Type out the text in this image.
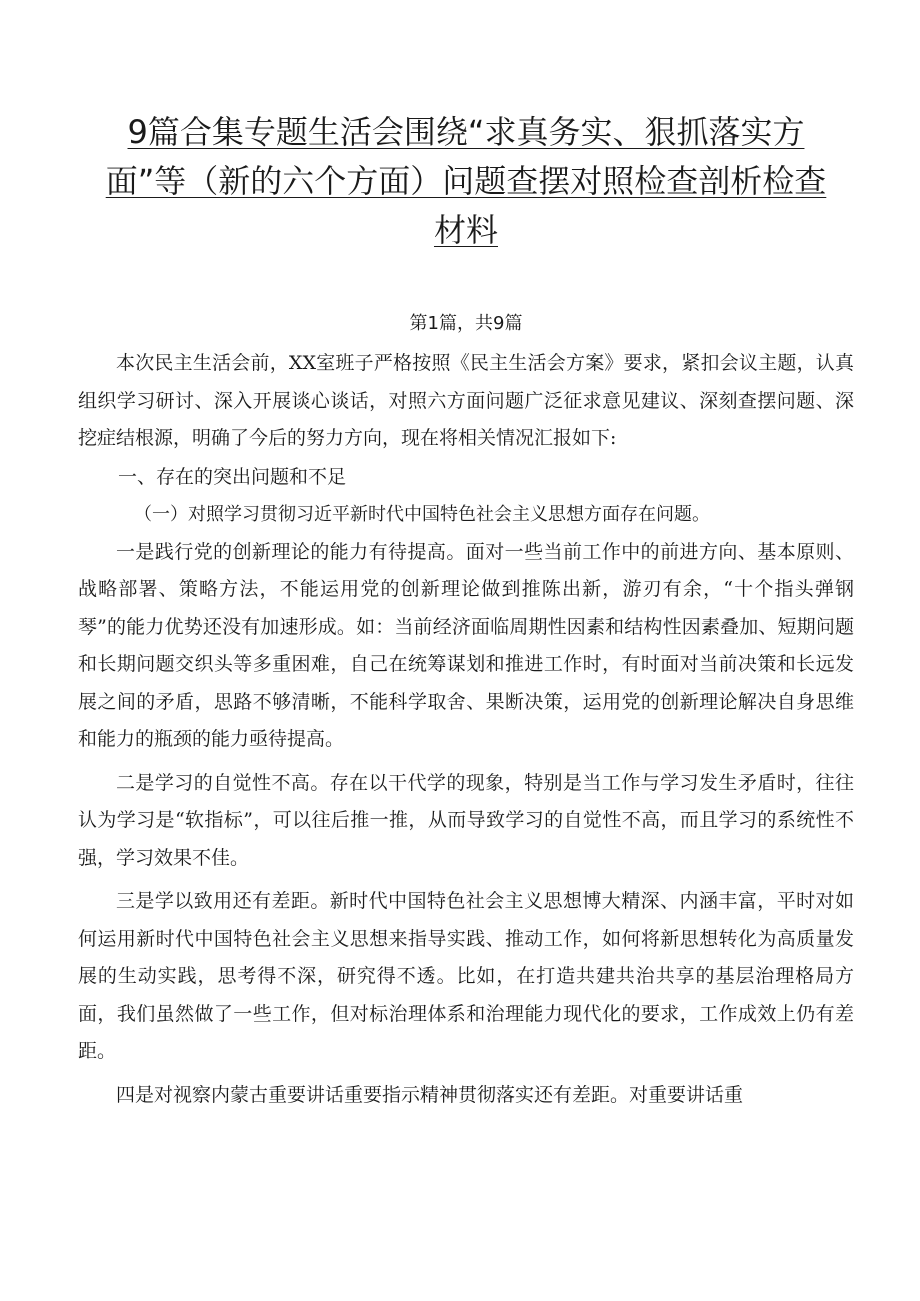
9篇合集专题生活会围绕“求真务实、狠抓落实方
面”等（新的六个方面）问题查摆对照检查剖析检查
材料
第1篇，共9篇

本次民主生活会前，XX室班子严格按照《民主生活会方案》要求，紧扣会议主题，认真组织学习研讨、深入开展谈心谈话，对照六方面问题广泛征求意见建议、深刻查摆问题、深挖症结根源，明确了今后的努力方向，现在将相关情况汇报如下:

一、存在的突出问题和不足

（一）对照学习贯彻习近平新时代中国特色社会主义思想方面存在问题。

一是践行党的创新理论的能力有待提高。面对一些当前工作中的前进方向、基本原则、战略部署、策略方法，不能运用党的创新理论做到推陈出新，游刃有余，“十个指头弹钢琴”的能力优势还没有加速形成。如：当前经济面临周期性因素和结构性因素叠加、短期问题和长期问题交织头等多重困难，自己在统筹谋划和推进工作时，有时面对当前决策和长远发展之间的矛盾，思路不够清晰，不能科学取舍、果断决策，运用党的创新理论解决自身思维和能力的瓶颈的能力亟待提高。

二是学习的自觉性不高。存在以干代学的现象，特别是当工作与学习发生矛盾时，往往认为学习是“软指标”，可以往后推一推，从而导致学习的自觉性不高，而且学习的系统性不强，学习效果不佳。

三是学以致用还有差距。新时代中国特色社会主义思想博大精深、内涵丰富，平时对如何运用新时代中国特色社会主义思想来指导实践、推动工作，如何将新思想转化为高质量发展的生动实践，思考得不深，研究得不透。比如，在打造共建共治共享的基层治理格局方面，我们虽然做了一些工作，但对标治理体系和治理能力现代化的要求，工作成效上仍有差距。

四是对视察内蒙古重要讲话重要指示精神贯彻落实还有差距。对重要讲话重
